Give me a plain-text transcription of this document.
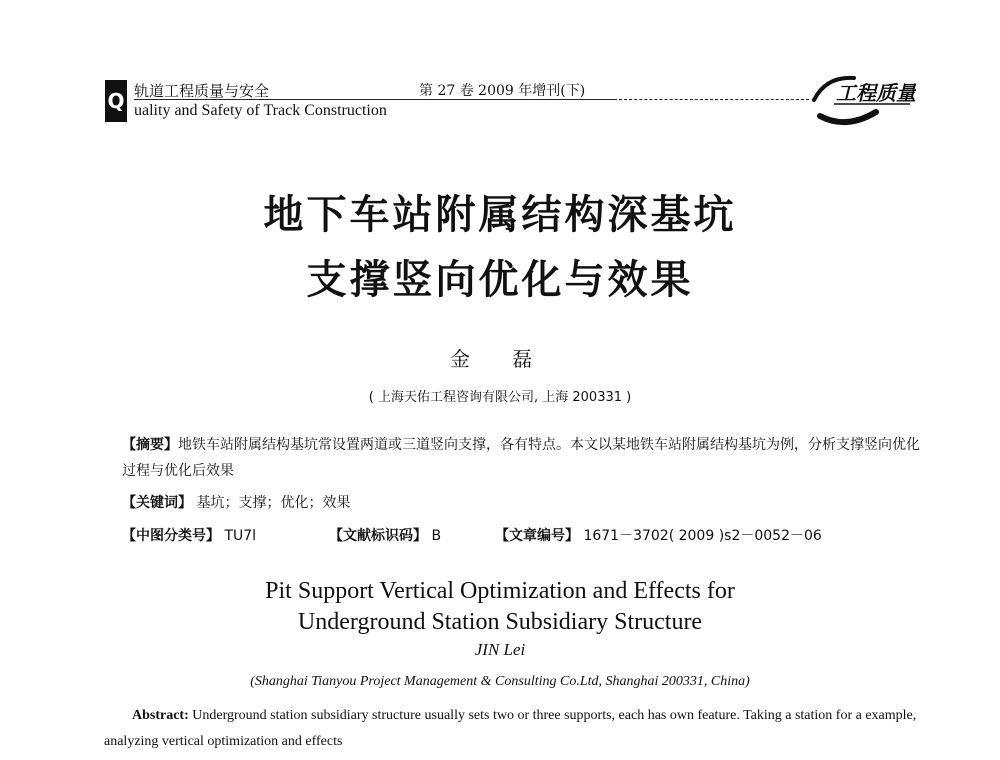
Q 轨道工程质量与安全
uality and Safety of Track Construction
第 27 卷 2009 年增刊(下)	工程质量
地下车站附属结构深基坑
支撑竖向优化与效果
金 磊
( 上海天佑工程咨询有限公司, 上海 200331 )
【摘要】地铁车站附属结构基坑常设置两道或三道竖向支撑，各有特点。本文以某地铁车站附属结构基坑为例，分析支撑竖向优化过程与优化后效果
【关键词】 基坑；支撑；优化；效果
【中图分类号】 TU7l	【文献标识码】 B	【文章编号】 1671－3702( 2009 )s2－0052－06
Pit Support Vertical Optimization and Effects for
Underground Station Subsidiary Structure
JIN Lei
(Shanghai Tianyou Project Management & Consulting Co.Ltd, Shanghai 200331, China)
Abstract: Underground station subsidiary structure usually sets two or three supports, each has own feature. Taking a station for a example, analyzing vertical optimization and effects
